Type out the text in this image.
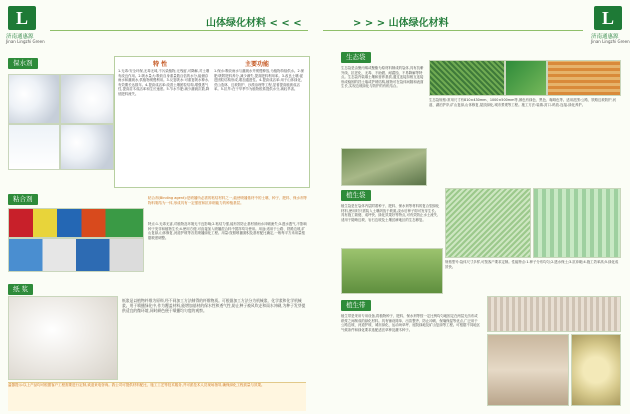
L
济南通惠源
Jinan Lingzhi Green
山体绿化材料 < < <
保水剂	特 性	主要功能
1.无毒:安全环保,无毒无味,不污染植物,无残留,可降解,对土壤有改良作用。2.吸水量大:吸收自身重量数百倍的水分,能储存雨水和灌溉水,供植物缓慢利用。3.反复吸水:可重复吸水释水,有效期长达数年。4.提高成活率:改善土壤团粒结构,增强透气性,提高苗木成活率和生长速度。5.节水节肥:减少灌溉次数,降低肥料流失。
1.保水:吸收雨水与灌溉水并缓慢释放,为植物持续供水。2.保肥:吸附肥料养分,减少淋失,提高肥料利用率。3.改良土壤:促进团粒结构形成,增加通透性。4.提高成活率:用于山体绿化、荒山造林、边坡防护、沙漠治理等工程,显著提高植被成活率。5.抗旱:在干旱季节为植物根系提供水分,减轻旱害。
粘合剂	粘合剂(Binding agent):是喷播所必需的粘结材料之一,能使喷播基材中的土壤、种子、肥料、保水剂等物料黏结为一体,形成具有一定强度和抗冲刷能力的种植基层。
特点:1.无毒无害,对植物及环境无不良影响;2.粘结力强,能有效防止基材被雨水冲刷流失;3.透水透气,不影响种子发芽和植物生长;4.使用方便,可直接加入喷播混合料中搅拌均匀使用。用途:适用于公路、铁路边坡,矿山复绿,山体修复,河道护坡等各类喷播绿化工程。用量:按照喷播面积及基材配比确定,一般每平方米用量根据坡度调整。
纸 浆
纸浆是以植物纤维为原料,经不同加工方法制得的纤维物质。可根据加工方法分为机械浆、化学浆和化学机械浆。用于喷播绿化中,作为覆盖材料,能增加基材的保水性和透气性,防止种子被风吹走和雨水冲刷,为种子发芽提供适宜的微环境,同时颜色便于喷播均匀度的观察。
温馨提示:以上产品均可根据客户工程需要进行定制,欢迎来电咨询。我公司可提供材料配比、施工工艺等技术服务,并可派技术人员现场指导,确保绿化工程质量与效果。
> > > 山体绿化材料	L
济南通惠源
Jinan Lingzhi Green
生态袋
生态袋是由聚丙烯或聚酯为原材料制成的袋体,具有抗紫外线、抗老化、无毒、不助燃、耐腐蚀、不易降解等特点。生态袋内装填土壤和营养基质,通过连接扣相互连接形成稳固的挡土墙或护坡结构,植物可在袋体间隙和表面生长,实现边坡绿化与防护的有机结合。
生态袋规格:常用尺寸有810×430mm、1000×500mm等,颜色有绿色、黑色、咖啡色等。适用范围:公路、铁路边坡防护,河道、湖泊护岸,矿山复绿,山体修复,屋顶绿化,城市景观等工程。施工方法:装填-封口-码放-连接-绿化养护。
植生袋
植生袋是在袋体内层附着种子、肥料、保水剂等材料的复合型绿化材料,使用时只需装入土壤码放于坡面,浇水后种子即可发芽生长。具有施工简便、成坪快、绿化效果好等特点,可有效防止水土流失,适用于陡峭边坡、岩石边坡及土壤贫瘠地区的生态修复。
规格型号:袋体尺寸多样,可按客户要求定制。性能特点:1.种子分布均匀;2.透水保土;3.抗冲刷;4.施工效率高;5.绿化成效快。
植生带
植生带是采用专用设备,将植物种子、肥料、保水剂等按一定比例均匀地固定在两层无纺布或纸浆之间制成的绿化材料。具有铺设简单、出苗整齐、防止冲刷、保墒保湿等优点,广泛用于公路边坡、河道护坡、城市绿化、运动场草坪、庭院绿地及矿山复绿等工程。可根据不同地区气候条件和绿化要求选配适宜草种及灌木种子。
